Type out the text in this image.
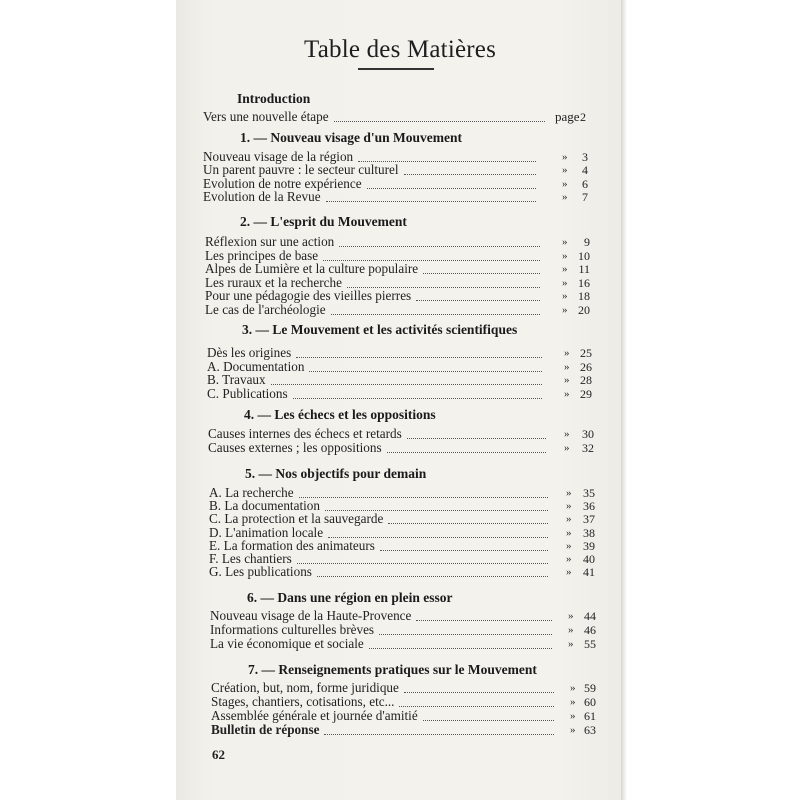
Table des Matières
Introduction
Vers une nouvelle étape	page 2
1. — Nouveau visage d'un Mouvement
Nouveau visage de la région	»	3
Un parent pauvre : le secteur culturel	»	4
Evolution de notre expérience	»	6
Evolution de la Revue	»	7
2. — L'esprit du Mouvement
Réflexion sur une action	»	9
Les principes de base	» 10
Alpes de Lumière et la culture populaire	» 11
Les ruraux et la recherche	» 16
Pour une pédagogie des vieilles pierres	» 18
Le cas de l'archéologie	» 20
3. — Le Mouvement et les activités scientifiques
Dès les origines	» 25
A. Documentation	» 26
B. Travaux	» 28
C. Publications	» 29
4. — Les échecs et les oppositions
Causes internes des échecs et retards	»	30
Causes externes ; les oppositions	»	32
5. — Nos objectifs pour demain
A. La recherche	» 35
B. La documentation	» 36
C. La protection et la sauvegarde	» 37
D. L'animation locale	» 38
E. La formation des animateurs	» 39
F. Les chantiers	» 40
G. Les publications	» 41
6. — Dans une région en plein essor
Nouveau visage de la Haute-Provence	» 44
Informations culturelles brèves	» 46
La vie économique et sociale	» 55
7. — Renseignements pratiques sur le Mouvement
Création, but, nom, forme juridique	» 59
Stages, chantiers, cotisations, etc...	» 60
Assemblée générale et journée d'amitié	» 61
Bulletin de réponse	» 63
62
